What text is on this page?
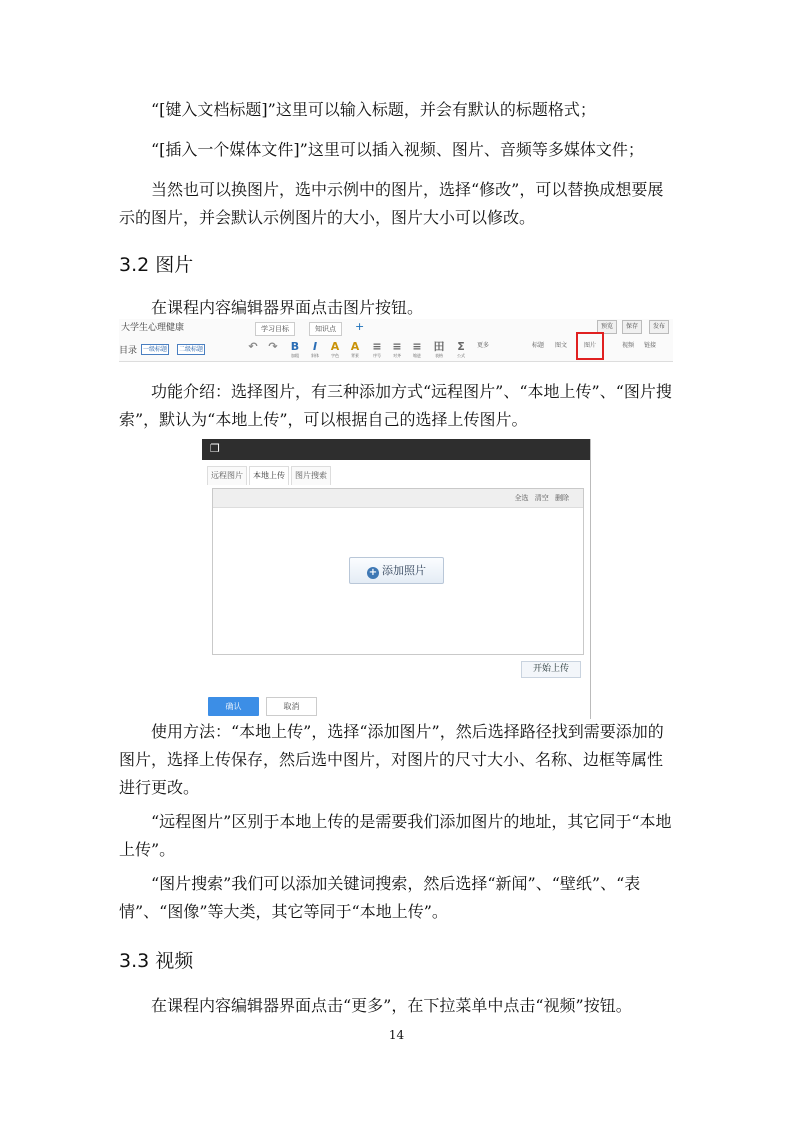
“[键入文档标题]”这里可以输入标题，并会有默认的标题格式；

“[插入一个媒体文件]”这里可以插入视频、图片、音频等多媒体文件；

当然也可以换图片，选中示例中的图片，选择“修改”，可以替换成想要展示的图片，并会默认示例图片的大小，图片大小可以修改。

3.2 图片

在课程内容编辑器界面点击图片按钮。

大学生心理健康	学习目标	知识点	+	预览	保存	发布
目录 一级标题	二级标题	↶ ↷	B
加粗
I
斜体
A
字色
A
背景
≡
序号
≡
对齐
≡
缩进
田
表格
Σ
公式
更多	标题	图文	图片	视频	链接

功能介绍：选择图片，有三种添加方式“远程图片”、“本地上传”、“图片搜索”，默认为“本地上传”，可以根据自己的选择上传图片。

❐
远程图片	本地上传	图片搜索
全选 清空 删除
+ 添加照片
开始上传
确认	取消

使用方法：“本地上传”，选择“添加图片”，然后选择路径找到需要添加的图片，选择上传保存，然后选中图片，对图片的尺寸大小、名称、边框等属性进行更改。

“远程图片”区别于本地上传的是需要我们添加图片的地址，其它同于“本地上传”。

“图片搜索”我们可以添加关键词搜索，然后选择“新闻”、“壁纸”、“表情”、“图像”等大类，其它等同于“本地上传”。

3.3 视频

在课程内容编辑器界面点击“更多”，在下拉菜单中点击“视频”按钮。

14
